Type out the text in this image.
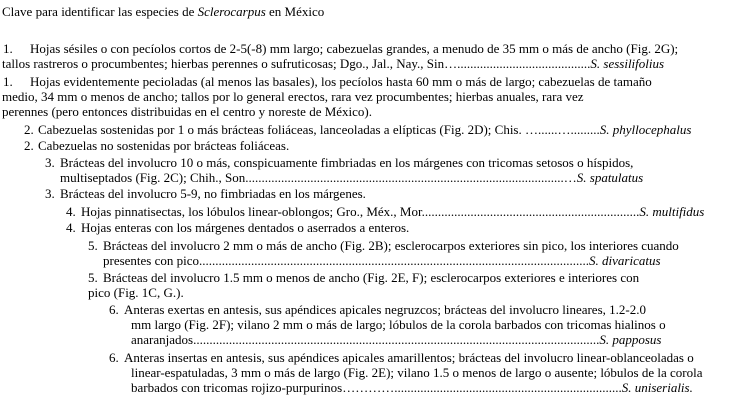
Clave para identificar las especies de Sclerocarpus en México
1. Hojas sésiles o con pecíolos cortos de 2-5(-8) mm largo; cabezuelas grandes, a menudo de 35 mm o más de ancho (Fig. 2G);
tallos rastreros o procumbentes; hierbas perennes o sufruticosas; Dgo., Jal., Nay., Sin….........................................S. sessilifolius
1. Hojas evidentemente pecioladas (al menos las basales), los pecíolos hasta 60 mm o más de largo; cabezuelas de tamaño
medio, 34 mm o menos de ancho; tallos por lo general erectos, rara vez procumbentes; hierbas anuales, rara vez
perennes (pero entonces distribuidas en el centro y noreste de México).
2. Cabezuelas sostenidas por 1 o más brácteas foliáceas, lanceoladas a elípticas (Fig. 2D); Chis. …......….........S. phyllocephalus
2. Cabezuelas no sostenidas por brácteas foliáceas.
3. Brácteas del involucro 10 o más, conspicuamente fimbriadas en los márgenes con tricomas setosos o híspidos,
multiseptados (Fig. 2C); Chih., Son..................................................................................................…S. spatulatus
3. Brácteas del involucro 5-9, no fimbriadas en los márgenes.
4. Hojas pinnatisectas, los lóbulos linear-oblongos; Gro., Méx., Mor...................................................................S. multifidus
4. Hojas enteras con los márgenes dentados o aserrados a enteros.
5. Brácteas del involucro 2 mm o más de ancho (Fig. 2B); esclerocarpos exteriores sin pico, los interiores cuando
presentes con pico........................................................................................................................S. divaricatus
5. Brácteas del involucro 1.5 mm o menos de ancho (Fig. 2E, F); esclerocarpos exteriores e interiores con
pico (Fig. 1C, G.).
6. Anteras exertas en antesis, sus apéndices apicales negruzcos; brácteas del involucro lineares, 1.2-2.0
mm largo (Fig. 2F); vilano 2 mm o más de largo; lóbulos de la corola barbados con tricomas hialinos o
anaranjados.............................................................................................................................S. papposus
6. Anteras insertas en antesis, sus apéndices apicales amarillentos; brácteas del involucro linear-oblanceoladas o
linear-espatuladas, 3 mm o más de largo (Fig. 2E); vilano 1.5 o menos de largo o ausente; lóbulos de la corola
barbados con tricomas rojizo-purpurinos…………......................................................................S. uniserialis.
